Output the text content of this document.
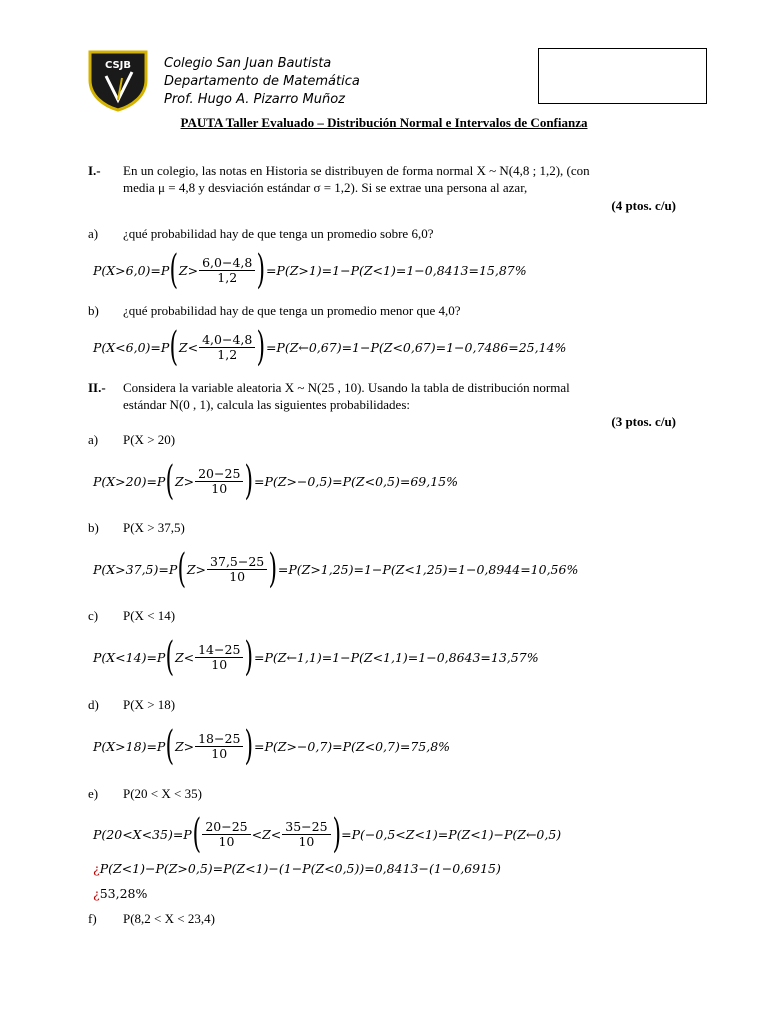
CSJB	Colegio San Juan Bautista
Departamento de Matemática
Prof. Hugo A. Pizarro Muñoz
PAUTA Taller Evaluado – Distribución Normal e Intervalos de Confianza
I.- En un colegio, las notas en Historia se distribuyen de forma normal X ~ N(4,8 ; 1,2), (con
media μ = 4,8 y desviación estándar σ = 1,2). Si se extrae una persona al azar,
(4 ptos. c/u)
a) ¿qué probabilidad hay de que tenga un promedio sobre 6,0?
P(X>6,0)=P ( $Z> \frac{6,0-4,8}{1,2}$ ) =P(Z>1)=1−P(Z<1)=1−0,8413=15,87%
b) ¿qué probabilidad hay de que tenga un promedio menor que 4,0?
P(X<6,0)=P ( $Z< \frac{4,0-4,8}{1,2}$ ) =P(Z←0,67)=1−P(Z<0,67)=1−0,7486=25,14%
II.- Considera la variable aleatoria X ~ N(25 , 10). Usando la tabla de distribución normal
estándar N(0 , 1), calcula las siguientes probabilidades:
(3 ptos. c/u)
a) P(X > 20)
P(X>20)=P ( $Z> \frac{20-25}{10}$ ) =P(Z>−0,5)=P(Z<0,5)=69,15%
b) P(X > 37,5)
P(X>37,5)=P ( $Z> \frac{37,5-25}{10}$ ) =P(Z>1,25)=1−P(Z<1,25)=1−0,8944=10,56%
c) P(X < 14)
P(X<14)=P ( $Z< \frac{14-25}{10}$ ) =P(Z←1,1)=1−P(Z<1,1)=1−0,8643=13,57%
d) P(X > 18)
P(X>18)=P ( $Z> \frac{18-25}{10}$ ) =P(Z>−0,7)=P(Z<0,7)=75,8%
e) P(20 < X < 35)
P(20<X<35)=P ( $\frac{20-25}{10} <Z< \frac{35-25}{10}$ ) =P(−0,5<Z<1)=P(Z<1)−P(Z←0,5)
¿ P(Z<1)−P(Z>0,5)=P(Z<1)−(1−P(Z<0,5))=0,8413−(1−0,6915)
¿ 53,28%
f) P(8,2 < X < 23,4)
